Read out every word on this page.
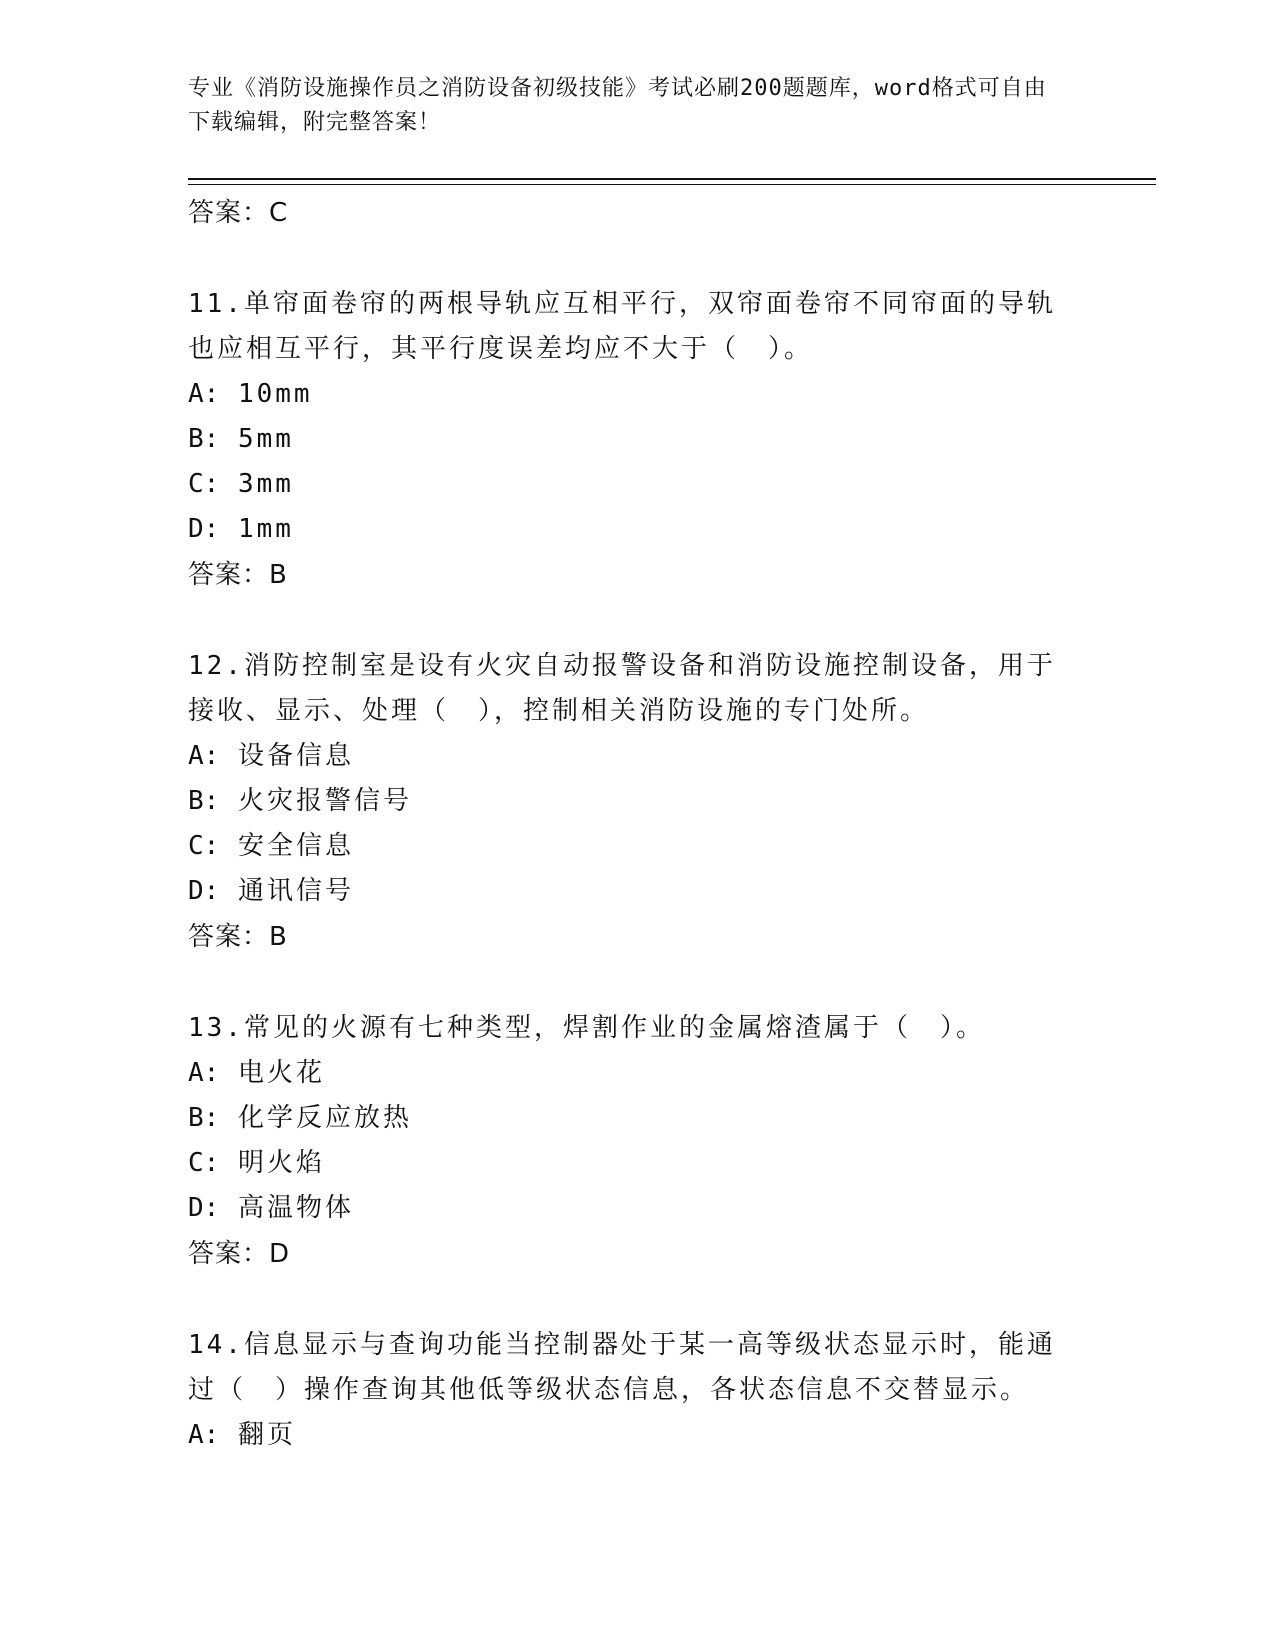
专业《消防设施操作员之消防设备初级技能》考试必刷200题题库，word格式可自由下载编辑，附完整答案！
答案：C
11.单帘面卷帘的两根导轨应互相平行，双帘面卷帘不同帘面的导轨也应相互平行，其平行度误差均应不大于（　）。
A: 10mm
B: 5mm
C: 3mm
D: 1mm
答案：B
12.消防控制室是设有火灾自动报警设备和消防设施控制设备，用于接收、显示、处理（　），控制相关消防设施的专门处所。
A: 设备信息
B: 火灾报警信号
C: 安全信息
D: 通讯信号
答案：B
13.常见的火源有七种类型，焊割作业的金属熔渣属于（　）。
A: 电火花
B: 化学反应放热
C: 明火焰
D: 高温物体
答案：D
14.信息显示与查询功能当控制器处于某一高等级状态显示时，能通过（　）操作查询其他低等级状态信息，各状态信息不交替显示。
A: 翻页
